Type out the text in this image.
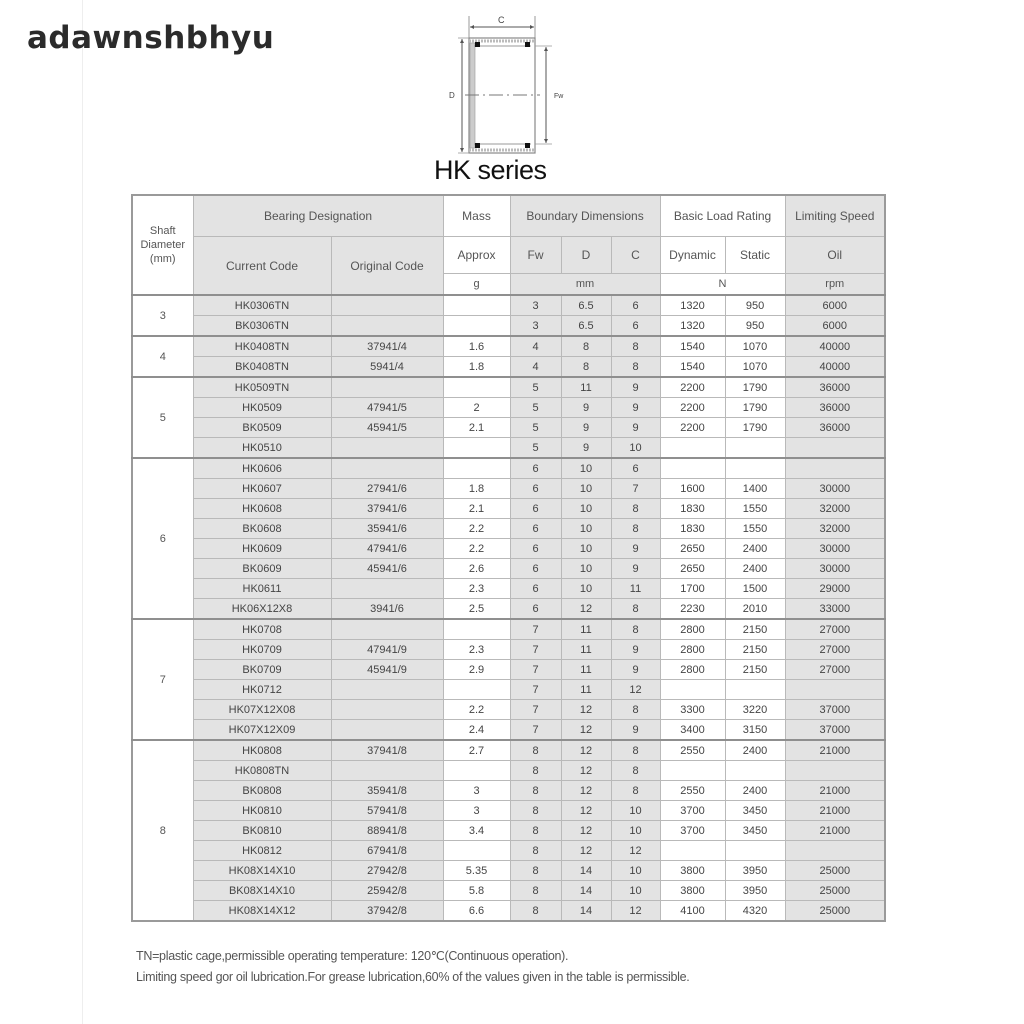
adawnshbhyu	C
D	Fw
HK series
Shaft Diameter (mm)	Bearing Designation		Mass	Boundary Dimensions			Basic Load Rating		Limiting Speed
	Current Code	Original Code	Approx	Fw	D	C	Dynamic	Static	Oil
			g	mm			N		rpm
3	HK0306TN			3	6.5	6	1320	950	6000
	BK0306TN			3	6.5	6	1320	950	6000
4	HK0408TN	37941/4	1.6	4	8	8	1540	1070	40000
	BK0408TN	5941/4	1.8	4	8	8	1540	1070	40000
5	HK0509TN			5	11	9	2200	1790	36000
	HK0509	47941/5	2	5	9	9	2200	1790	36000
	BK0509	45941/5	2.1	5	9	9	2200	1790	36000
	HK0510			5	9	10			
6	HK0606			6	10	6			
	HK0607	27941/6	1.8	6	10	7	1600	1400	30000
	HK0608	37941/6	2.1	6	10	8	1830	1550	32000
	BK0608	35941/6	2.2	6	10	8	1830	1550	32000
	HK0609	47941/6	2.2	6	10	9	2650	2400	30000
	BK0609	45941/6	2.6	6	10	9	2650	2400	30000
	HK0611		2.3	6	10	11	1700	1500	29000
	HK06X12X8	3941/6	2.5	6	12	8	2230	2010	33000
7	HK0708			7	11	8	2800	2150	27000
	HK0709	47941/9	2.3	7	11	9	2800	2150	27000
	BK0709	45941/9	2.9	7	11	9	2800	2150	27000
	HK0712			7	11	12			
	HK07X12X08		2.2	7	12	8	3300	3220	37000
	HK07X12X09		2.4	7	12	9	3400	3150	37000
8	HK0808	37941/8	2.7	8	12	8	2550	2400	21000
	HK0808TN			8	12	8			
	BK0808	35941/8	3	8	12	8	2550	2400	21000
	HK0810	57941/8	3	8	12	10	3700	3450	21000
	BK0810	88941/8	3.4	8	12	10	3700	3450	21000
	HK0812	67941/8		8	12	12			
	HK08X14X10	27942/8	5.35	8	14	10	3800	3950	25000
	BK08X14X10	25942/8	5.8	8	14	10	3800	3950	25000
	HK08X14X12	37942/8	6.6	8	14	12	4100	4320	25000
TN=plastic cage,permissible operating temperature: 120℃(Continuous operation).
Limiting speed gor oil lubrication.For grease lubrication,60% of the values given in the table is permissible.
